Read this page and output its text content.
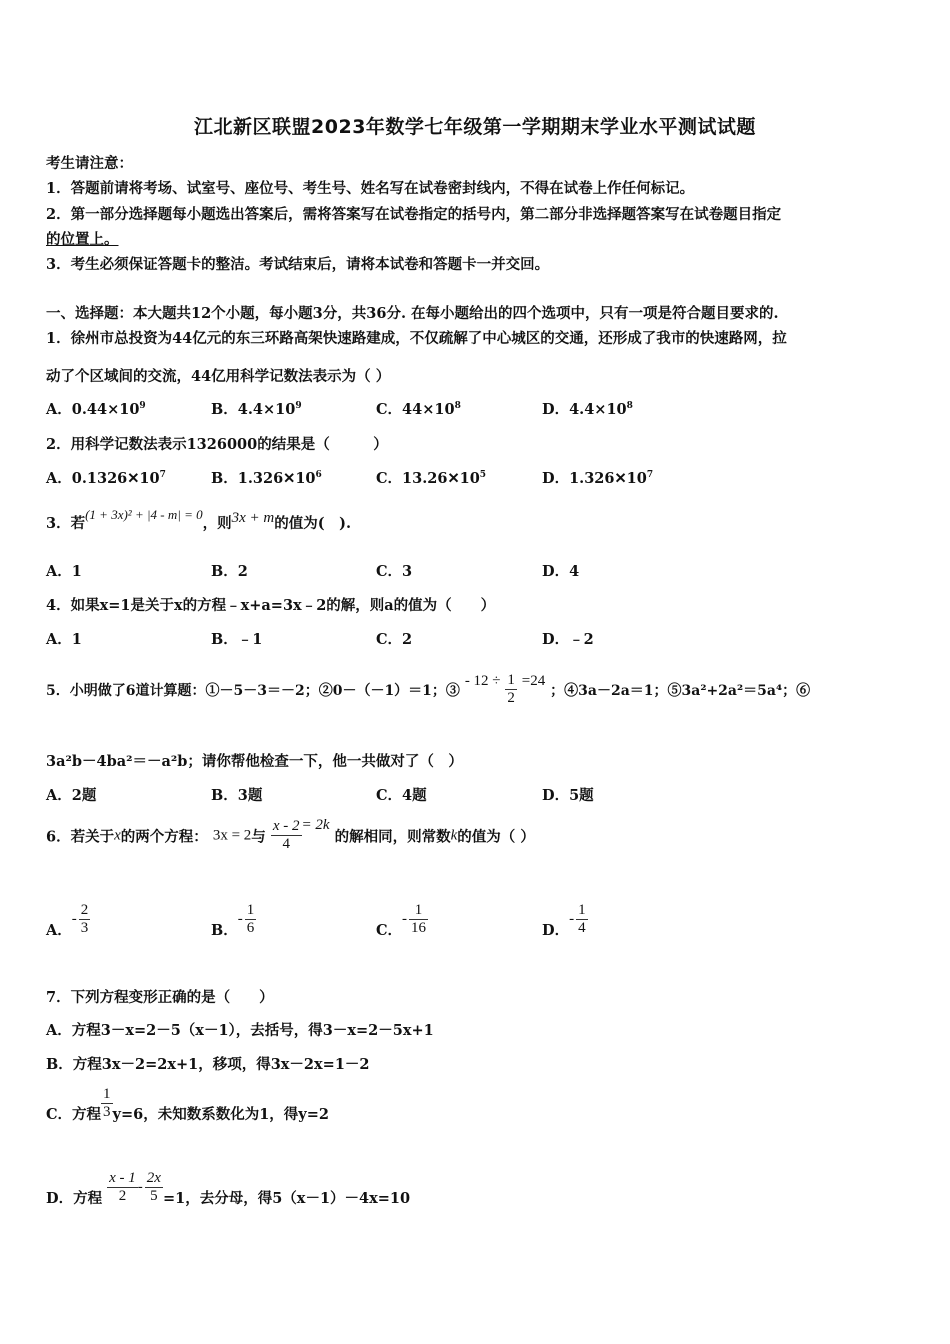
江北新区联盟2023年数学七年级第一学期期末学业水平测试试题
考生请注意：
1．答题前请将考场、试室号、座位号、考生号、姓名写在试卷密封线内，不得在试卷上作任何标记。
2．第一部分选择题每小题选出答案后，需将答案写在试卷指定的括号内，第二部分非选择题答案写在试卷题目指定
的位置上。
3．考生必须保证答题卡的整洁。考试结束后，请将本试卷和答题卡一并交回。
一、选择题：本大题共12个小题，每小题3分，共36分. 在每小题给出的四个选项中，只有一项是符合题目要求的.
1．徐州市总投资为44亿元的东三环路高架快速路建成，不仅疏解了中心城区的交通，还形成了我市的快速路网，拉
动了个区域间的交流，44亿用科学记数法表示为（ ）
A．$0.44\times 10^9$	B．$4.4\times 10^9$	C．$44\times 10^8$	D．$4.4\times 10^8$
2．用科学记数法表示1326000的结果是（　　　）
A．$0.1326✕10^7$	B．$1.326✕10^6$	C．$13.26✕10^5$	D．$1.326✕10^7$
3．若(1 + 3x)² + |4 - m| = 0，则3x + m的值为(　).
A．1	B．2	C．3	D．4
4．如果x=1是关于x的方程﹣x+a=3x﹣2的解，则a的值为（　　）
A．1	B．﹣1	C．2	D．﹣2
5．小明做了6道计算题：①－5－3＝－2；②0－（－1）＝1；③ - $12 \div \frac{1}{2} =24$ ；④3a－2a＝1；⑤3a²+2a²＝5a⁴；⑥
3a²b－4ba²＝－a²b；请你帮他检查一下，他一共做对了（　）
A．2题	B．3题	C．4题	D．5题
6．若关于x的两个方程： 3x = 2与 $\frac{x - 2}{4} = 2k$ 的解相同，则常数k的值为（ ）
A．- $\frac{2}{3}$	B．- $\frac{1}{6}$	C．- $\frac{1}{16}$	D．- $\frac{1}{4}$
7．下列方程变形正确的是（　　）
A．方程3－x=2－5（x－1），去括号，得3－x=2－5x+1
B．方程3x－2=2x+1，移项，得3x－2x=1－2
C．方程 $\frac{1}{3} y=6$，未知数系数化为1，得y=2
D．方程 $\frac{x - 1}{2} - \frac{2x}{5} =1$，去分母，得5（x－1）－4x=10
